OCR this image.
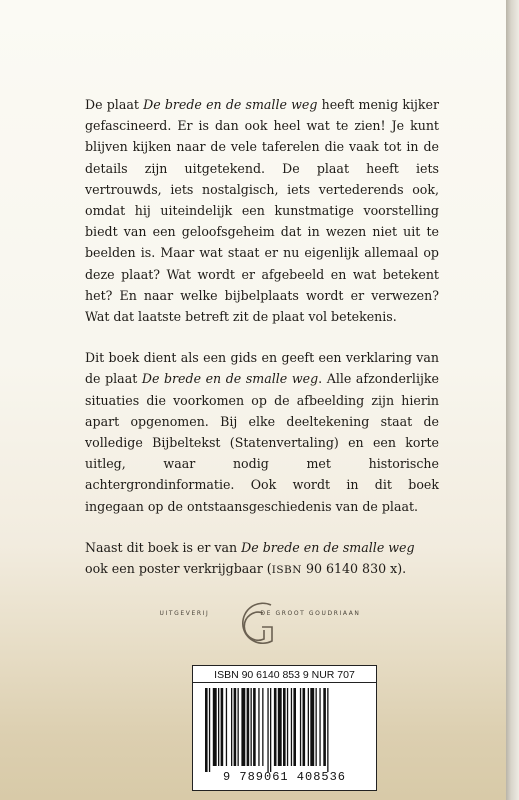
De plaat De brede en de smalle weg heeft menig kijker gefascineerd. Er is dan ook heel wat te zien! Je kunt blijven kijken naar de vele taferelen die vaak tot in de details zijn uitgetekend. De plaat heeft iets vertrouwds, iets nostalgisch, iets vertederends ook, omdat hij uiteindelijk een kunstmatige voorstelling biedt van een geloofsgeheim dat in wezen niet uit te beelden is. Maar wat staat er nu eigenlijk allemaal op deze plaat? Wat wordt er afgebeeld en wat betekent het? En naar welke bijbelplaats wordt er verwezen? Wat dat laatste betreft zit de plaat vol betekenis.

Dit boek dient als een gids en geeft een verklaring van de plaat De brede en de smalle weg. Alle afzonderlijke situaties die voorkomen op de afbeelding zijn hierin apart opgenomen. Bij elke deeltekening staat de volledige Bijbeltekst (Statenvertaling) en een korte uitleg, waar nodig met historische achtergrondinformatie. Ook wordt in dit boek ingegaan op de ontstaansgeschiedenis van de plaat.

Naast dit boek is er van De brede en de smalle weg ook een poster verkrijgbaar (ISBN 90 6140 830 x).

UITGEVERIJ	DE GROOT GOUDRIAAN
ISBN 90 6140 853 9 NUR 707
9 789061 408536
